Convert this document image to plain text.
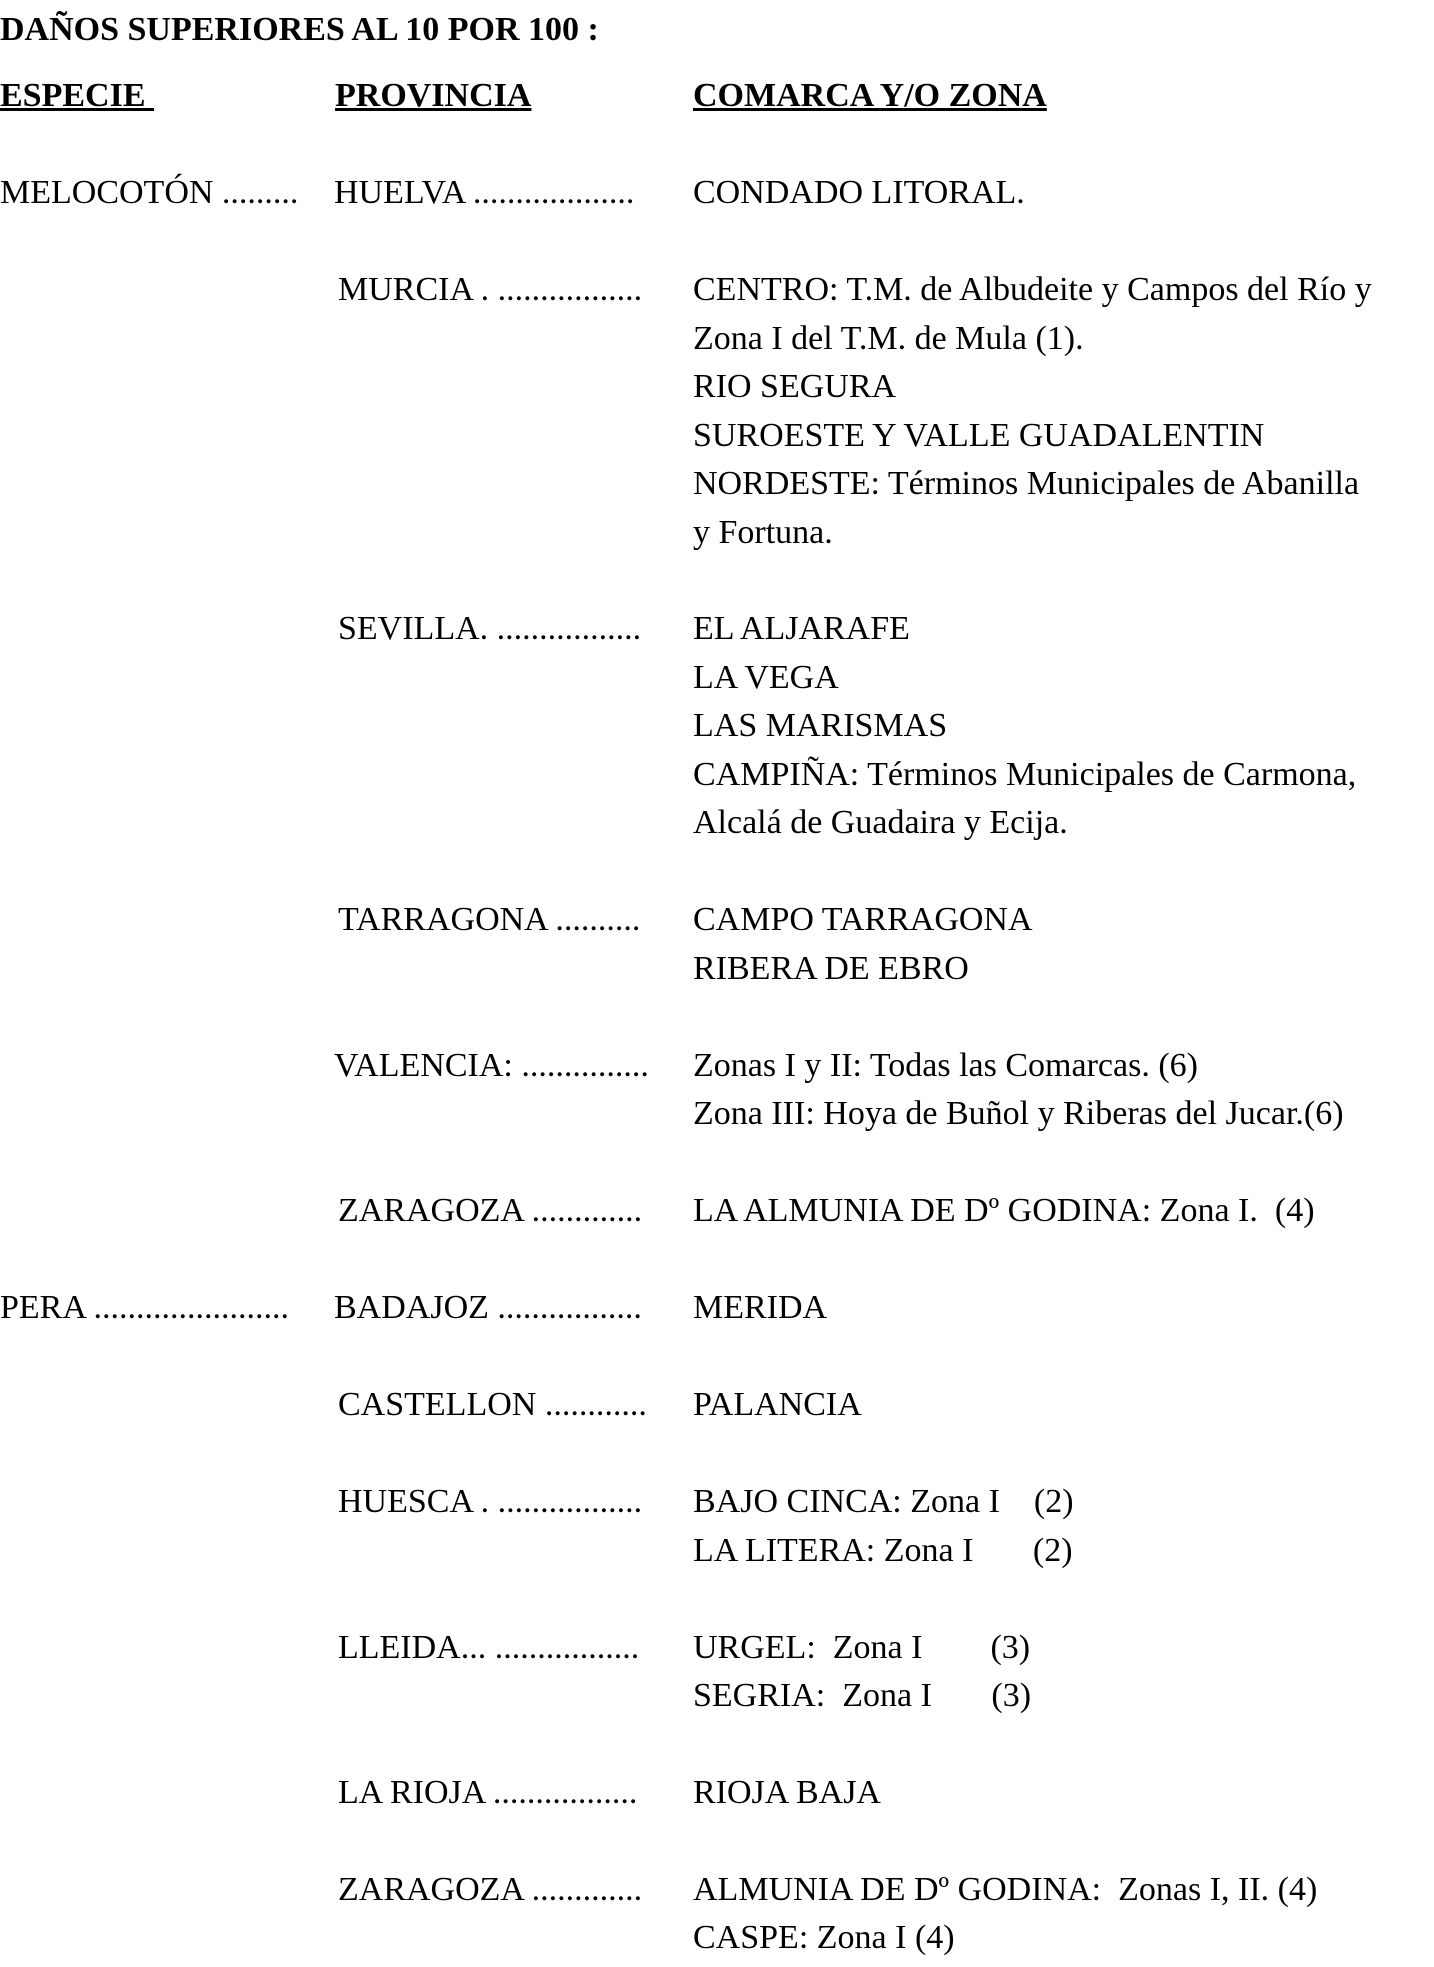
DAÑOS SUPERIORES AL 10 POR 100 :
ESPECIE	PROVINCIA	COMARCA Y/O ZONA
MELOCOTÓN ......... HUELVA ................... CONDADO LITORAL.
MURCIA . ................. CENTRO: T.M. de Albudeite y Campos del Río y
Zona I del T.M. de Mula (1).
RIO SEGURA
SUROESTE Y VALLE GUADALENTIN
NORDESTE: Términos Municipales de Abanilla
y Fortuna.
SEVILLA. ................. EL ALJARAFE
LA VEGA
LAS MARISMAS
CAMPIÑA: Términos Municipales de Carmona,
Alcalá de Guadaira y Ecija.
TARRAGONA .......... CAMPO TARRAGONA
RIBERA DE EBRO
VALENCIA: ............... Zonas I y II: Todas las Comarcas. (6)
Zona III: Hoya de Buñol y Riberas del Jucar.(6)
ZARAGOZA ............. LA ALMUNIA DE Dº GODINA: Zona I.  (4)
PERA ....................... BADAJOZ ................. MERIDA
CASTELLON ............ PALANCIA
HUESCA . ................. BAJO CINCA: Zona I    (2)
LA LITERA: Zona I       (2)
LLEIDA... ................. URGEL:  Zona I        (3)
SEGRIA:  Zona I       (3)
LA RIOJA ................. RIOJA BAJA
ZARAGOZA ............. ALMUNIA DE Dº GODINA:  Zonas I, II. (4)
CASPE: Zona I (4)
